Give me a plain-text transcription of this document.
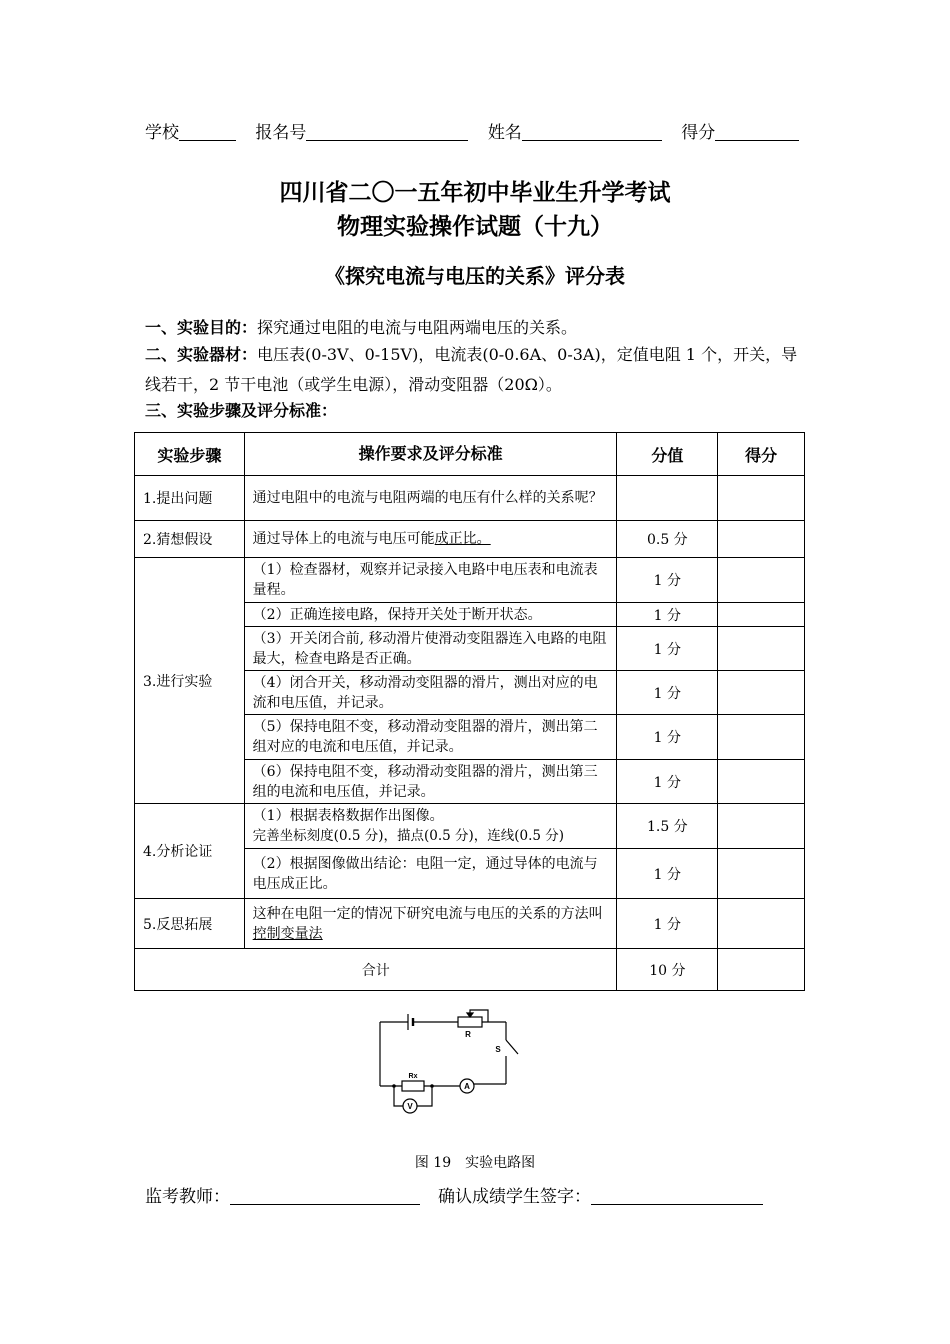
学校	报名号	姓名	得分
四川省二〇一五年初中毕业生升学考试
物理实验操作试题（十九）
《探究电流与电压的关系》评分表
一、实验目的：探究通过电阻的电流与电阻两端电压的关系。
二、实验器材：电压表(0-3V、0-15V)，电流表(0-0.6A、0-3A)，定值电阻 1 个，开关，导线若干，2 节干电池（或学生电源），滑动变阻器（20Ω）。
三、实验步骤及评分标准：
实验步骤	操作要求及评分标准	分值	得分
1.提出问题	通过电阻中的电流与电阻两端的电压有什么样的关系呢？		
2.猜想假设	通过导体上的电流与电压可能成正比。	0.5 分	
3.进行实验	（1）检查器材，观察并记录接入电路中电压表和电流表量程。	1 分	
	（2）正确连接电路，保持开关处于断开状态。	1 分	
	（3）开关闭合前, 移动滑片使滑动变阻器连入电路的电阻最大，检查电路是否正确。	1 分	
	（4）闭合开关，移动滑动变阻器的滑片，测出对应的电流和电压值，并记录。	1 分	
	（5）保持电阻不变，移动滑动变阻器的滑片，测出第二组对应的电流和电压值，并记录。	1 分	
	（6）保持电阻不变，移动滑动变阻器的滑片，测出第三组的电流和电压值，并记录。	1 分	
4.分析论证	（1）根据表格数据作出图像。
完善坐标刻度(0.5 分)，描点(0.5 分)，连线(0.5 分)	1.5 分	
	（2）根据图像做出结论：电阻一定，通过导体的电流与电压成正比。	1 分	
5.反思拓展	这种在电阻一定的情况下研究电流与电压的关系的方法叫控制变量法	1 分	
合计		10 分	
R
S
Rx
A
V
图 19　实验电路图
监考教师：	确认成绩学生签字：
